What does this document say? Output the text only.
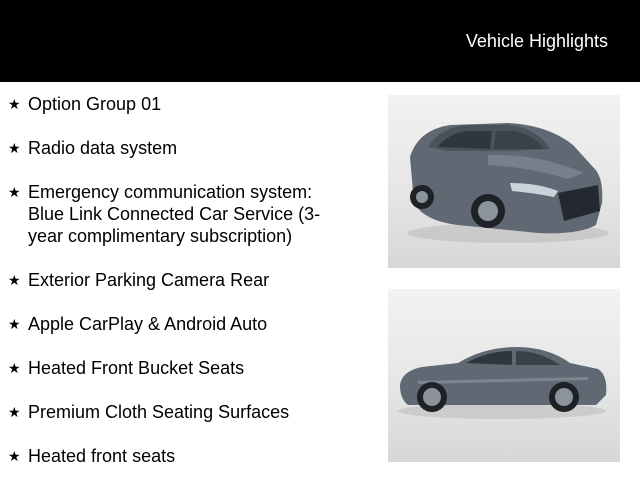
Vehicle Highlights
★ Option Group 01
★ Radio data system
★ Emergency communication system: Blue Link Connected Car Service (3-year complimentary subscription)
★ Exterior Parking Camera Rear
★ Apple CarPlay & Android Auto
★ Heated Front Bucket Seats
★ Premium Cloth Seating Surfaces
★ Heated front seats
